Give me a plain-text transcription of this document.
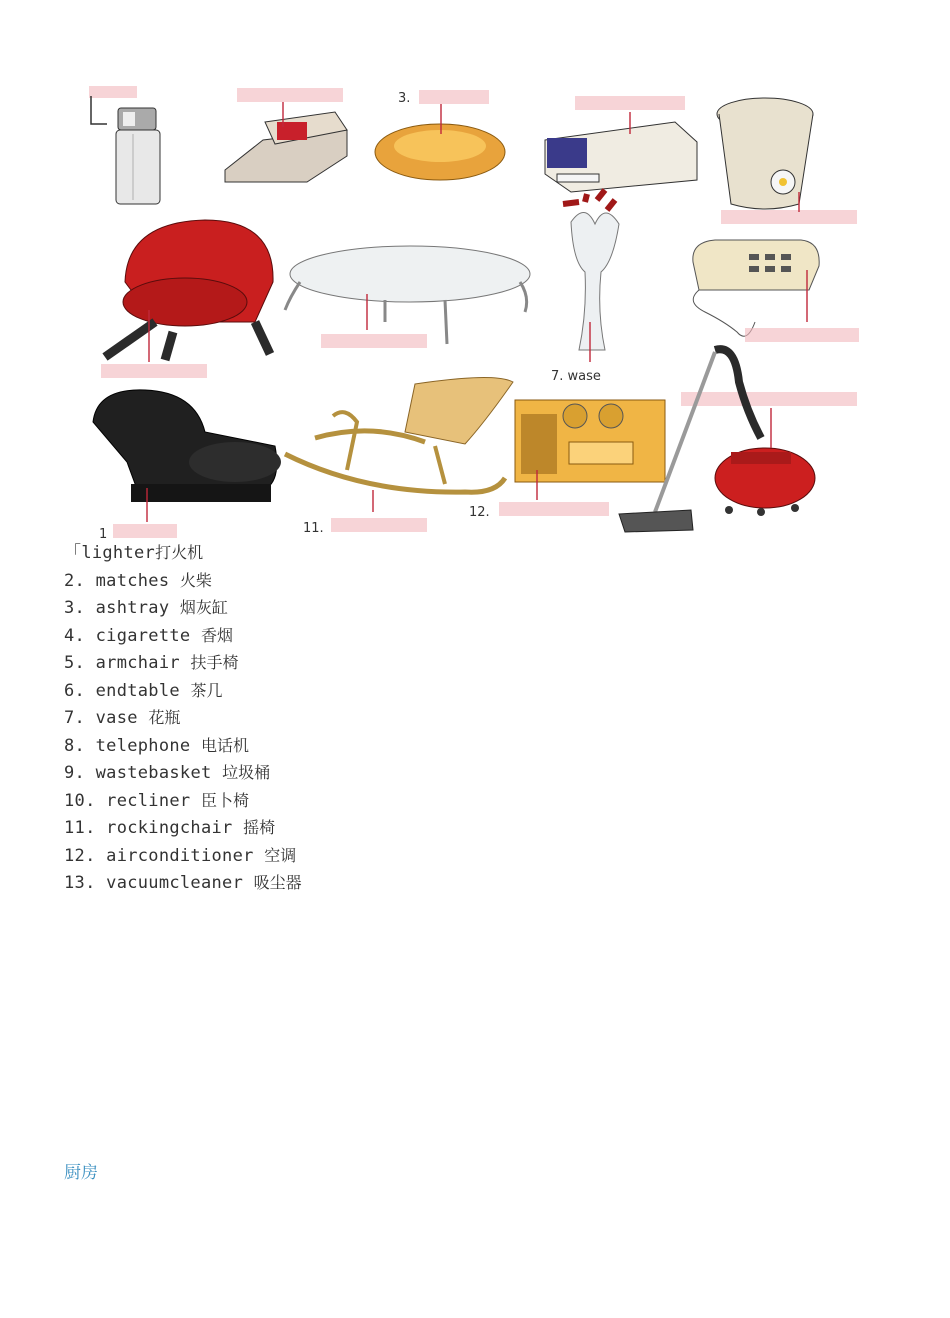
3.
7. wase
1	11.
12.
「lighter打火机
2. matches 火柴
3. ashtray 烟灰缸
4. cigarette 香烟
5. armchair 扶手椅
6. endtable 茶几
7. vase 花瓶
8. telephone 电话机
9. wastebasket 垃圾桶
10. recliner 臣卜椅
11. rockingchair 摇椅
12. airconditioner 空调
13. vacuumcleaner 吸尘器
厨房
